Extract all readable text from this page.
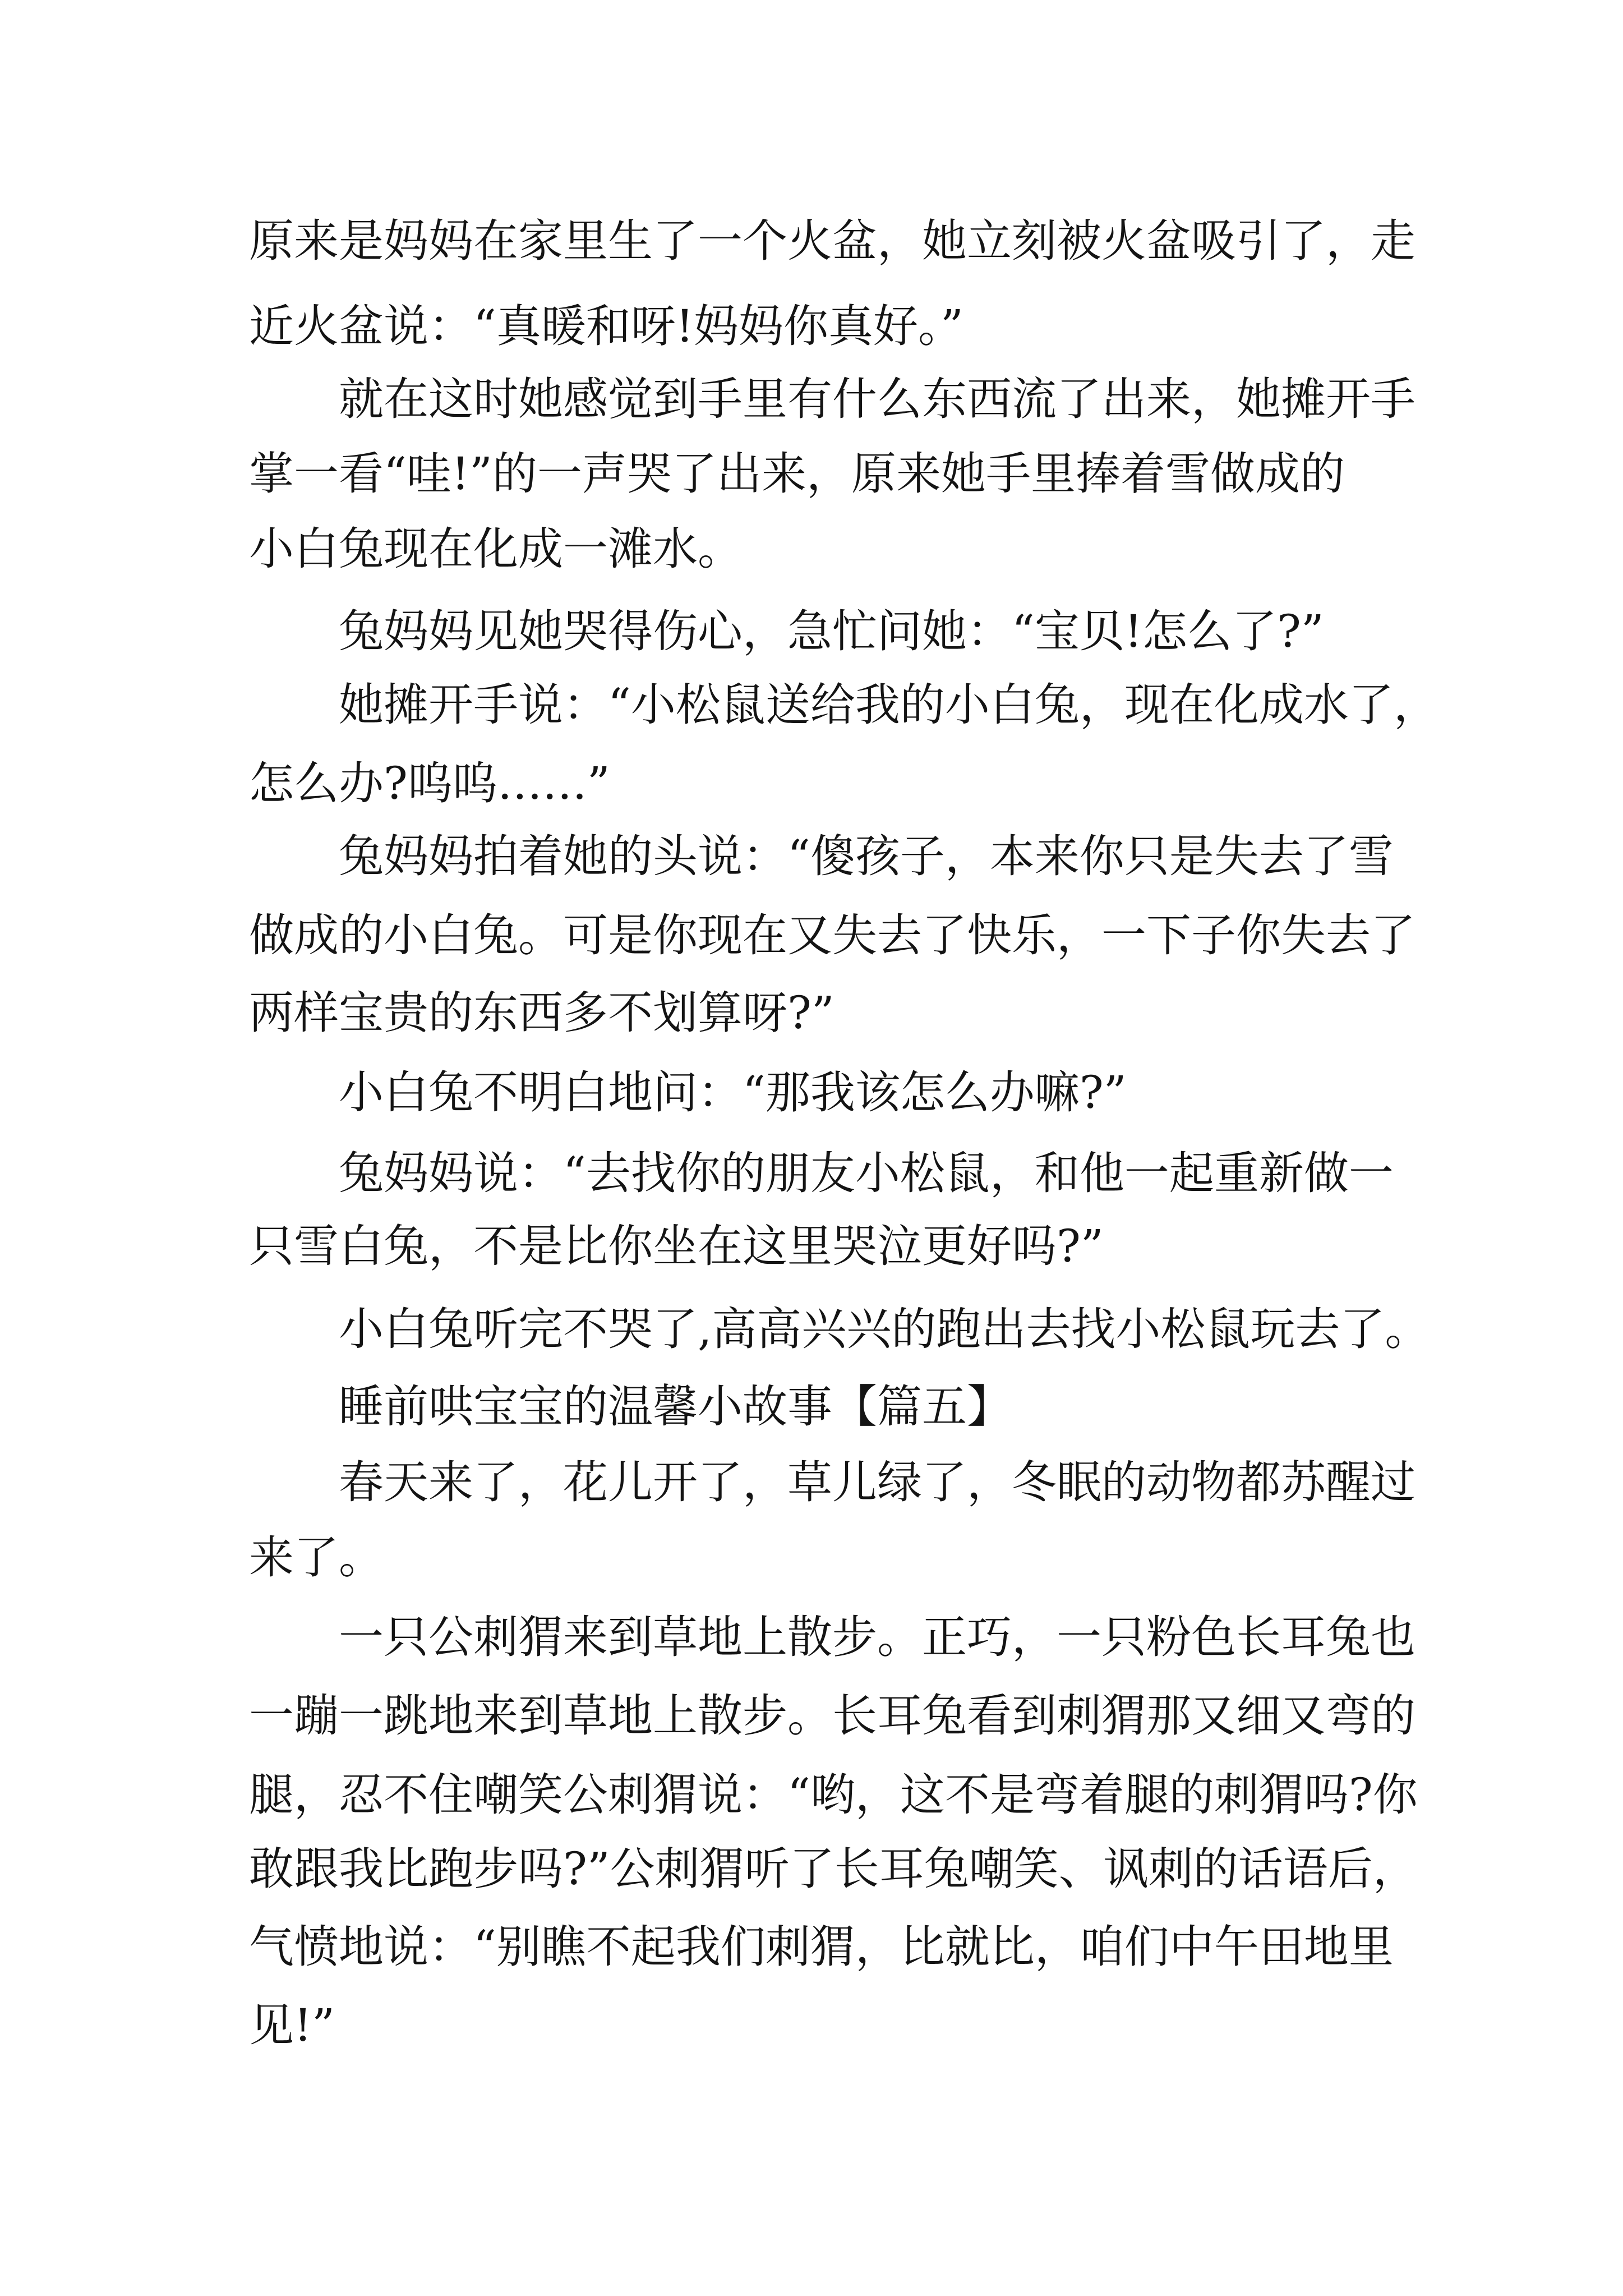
原来是妈妈在家里生了一个火盆，她立刻被火盆吸引了，走

近火盆说：“真暖和呀!妈妈你真好。”

就在这时她感觉到手里有什么东西流了出来，她摊开手

掌一看“哇!”的一声哭了出来，原来她手里捧着雪做成的

小白兔现在化成一滩水。

兔妈妈见她哭得伤心，急忙问她：“宝贝!怎么了?”

她摊开手说：“小松鼠送给我的小白兔，现在化成水了，

怎么办?呜呜……”

兔妈妈拍着她的头说：“傻孩子，本来你只是失去了雪

做成的小白兔。可是你现在又失去了快乐，一下子你失去了

两样宝贵的东西多不划算呀?”

小白兔不明白地问：“那我该怎么办嘛?”

兔妈妈说：“去找你的朋友小松鼠，和他一起重新做一

只雪白兔，不是比你坐在这里哭泣更好吗?”

小白兔听完不哭了,高高兴兴的跑出去找小松鼠玩去了。

睡前哄宝宝的温馨小故事【篇五】

春天来了，花儿开了，草儿绿了，冬眠的动物都苏醒过

来了。

一只公刺猬来到草地上散步。正巧，一只粉色长耳兔也

一蹦一跳地来到草地上散步。长耳兔看到刺猬那又细又弯的

腿，忍不住嘲笑公刺猬说：“哟，这不是弯着腿的刺猬吗?你

敢跟我比跑步吗?”公刺猬听了长耳兔嘲笑、讽刺的话语后，

气愤地说：“别瞧不起我们刺猬，比就比，咱们中午田地里

见!”
